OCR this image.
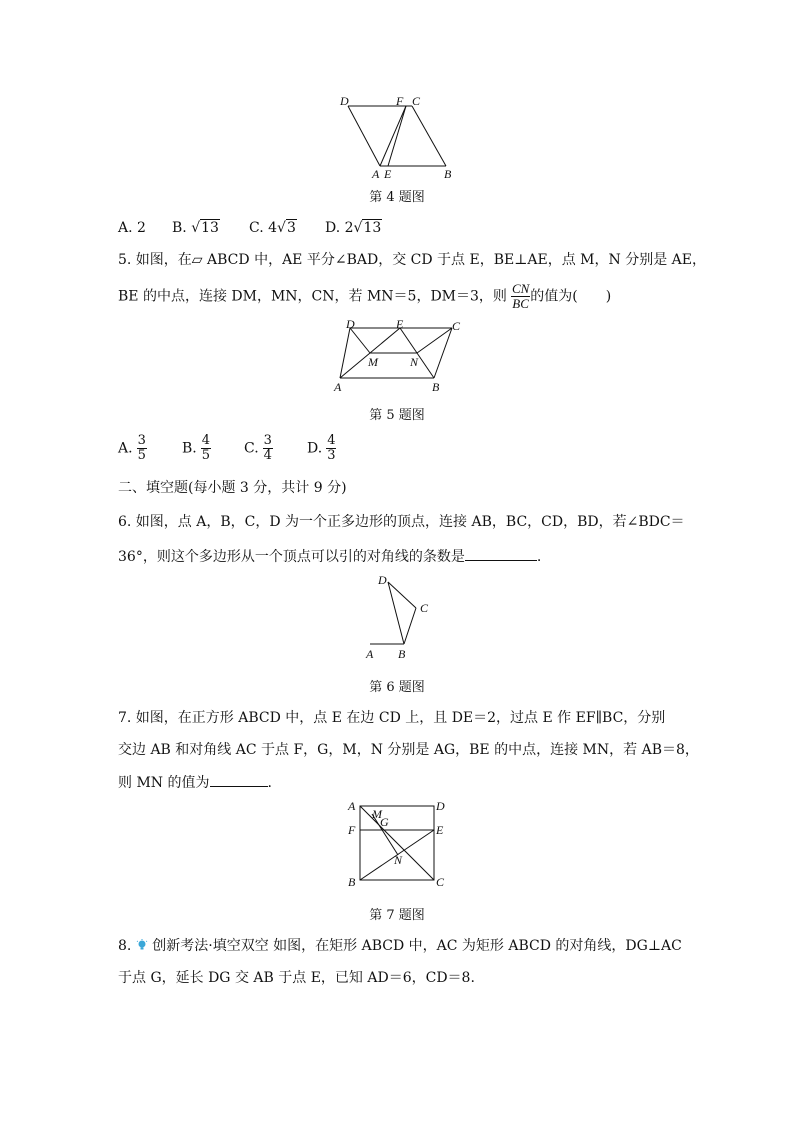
D	F C
A E	B
第 4 题图
A. 2 B. √13 C. 4√3 D. 2√13
5. 如图，在▱ ABCD 中，AE 平分∠BAD，交 CD 于点 E，BE⊥AE，点 M，N 分别是 AE，
BE 的中点，连接 DM，MN，CN，若 MN＝5，DM＝3，则 $\frac{CN}{BC}$ 的值为(　　)
D	E	C
M	N
A	B
第 5 题图
A. $\frac{3}{5}$	B. $\frac{4}{5} C$. $\frac{3}{4} D$. $\frac{4}{3}$
二、填空题(每小题 3 分，共计 9 分)
6. 如图，点 A，B，C，D 为一个正多边形的顶点，连接 AB，BC，CD，BD，若∠BDC＝
36°，则这个多边形从一个顶点可以引的对角线的条数是	.
D
C
A B
第 6 题图
7. 如图，在正方形 ABCD 中，点 E 在边 CD 上，且 DE＝2，过点 E 作 EF∥BC，分别
交边 AB 和对角线 AC 于点 F，G，M，N 分别是 AG，BE 的中点，连接 MN，若 AB＝8，
则 MN 的值为	.
A	D
M
G
F	E
N
B	C
第 7 题图
8. 创新考法·填空双空 如图，在矩形 ABCD 中，AC 为矩形 ABCD 的对角线，DG⊥AC
于点 G，延长 DG 交 AB 于点 E，已知 AD＝6，CD＝8.
